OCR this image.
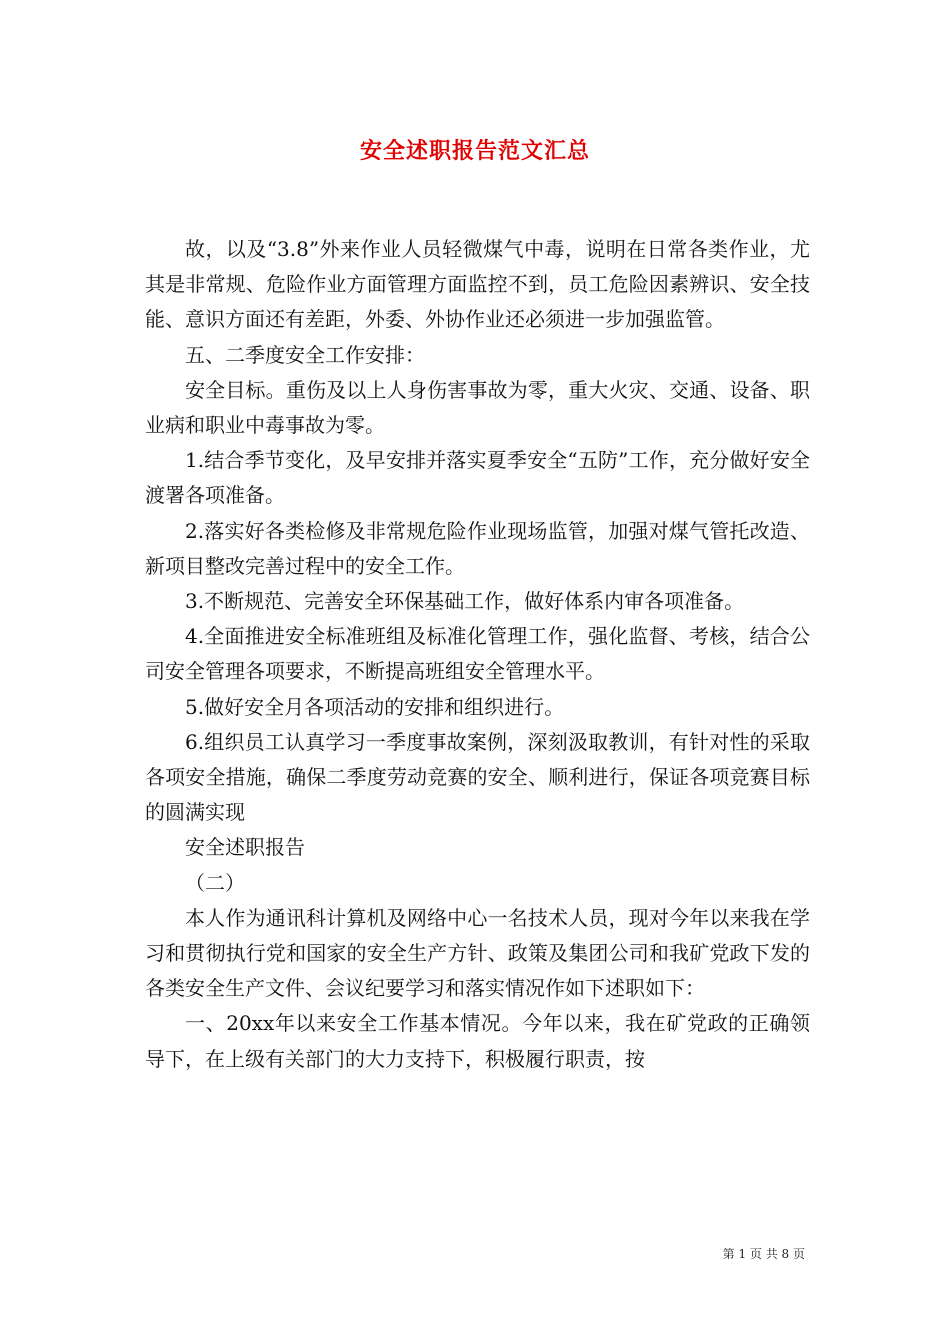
安全述职报告范文汇总

故，以及“3.8”外来作业人员轻微煤气中毒，说明在日常各类作业，尤其是非常规、危险作业方面管理方面监控不到，员工危险因素辨识、安全技能、意识方面还有差距，外委、外协作业还必须进一步加强监管。

五、二季度安全工作安排：

安全目标。重伤及以上人身伤害事故为零，重大火灾、交通、设备、职业病和职业中毒事故为零。

1.结合季节变化，及早安排并落实夏季安全“五防”工作，充分做好安全渡署各项准备。

2.落实好各类检修及非常规危险作业现场监管，加强对煤气管托改造、新项目整改完善过程中的安全工作。

3.不断规范、完善安全环保基础工作，做好体系内审各项准备。

4.全面推进安全标准班组及标准化管理工作，强化监督、考核，结合公司安全管理各项要求，不断提高班组安全管理水平。

5.做好安全月各项活动的安排和组织进行。

6.组织员工认真学习一季度事故案例，深刻汲取教训，有针对性的采取各项安全措施，确保二季度劳动竞赛的安全、顺利进行，保证各项竞赛目标的圆满实现

安全述职报告

（二）

本人作为通讯科计算机及网络中心一名技术人员，现对今年以来我在学习和贯彻执行党和国家的安全生产方针、政策及集团公司和我矿党政下发的各类安全生产文件、会议纪要学习和落实情况作如下述职如下：

一、20xx年以来安全工作基本情况。今年以来，我在矿党政的正确领导下，在上级有关部门的大力支持下，积极履行职责，按

第 1 页 共 8 页
